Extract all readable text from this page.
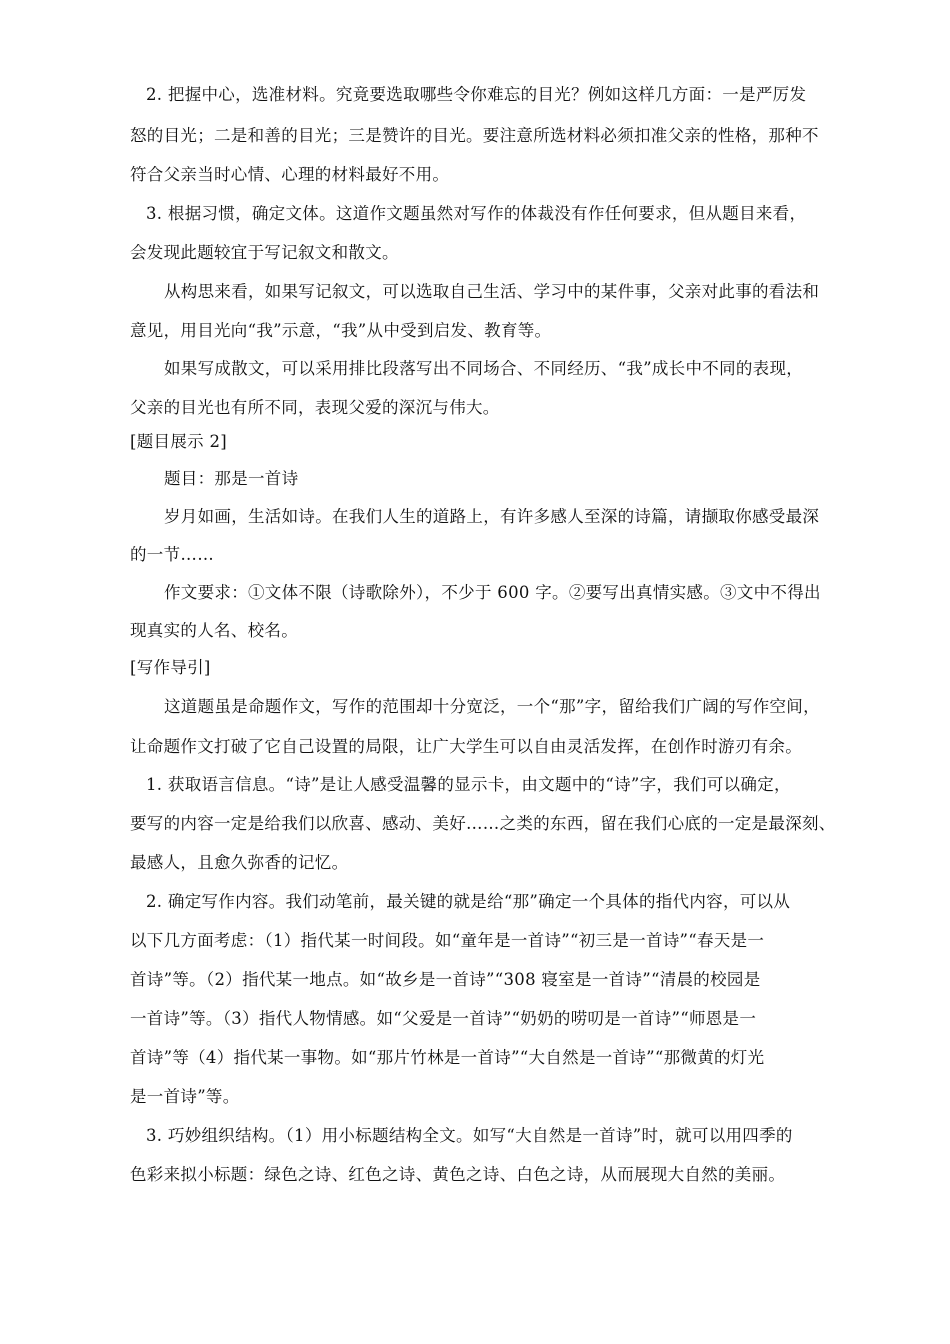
2. 把握中心，选准材料。究竟要选取哪些令你难忘的目光？例如这样几方面：一是严厉发
怒的目光；二是和善的目光；三是赞许的目光。要注意所选材料必须扣准父亲的性格，那种不
符合父亲当时心情、心理的材料最好不用。
3. 根据习惯，确定文体。这道作文题虽然对写作的体裁没有作任何要求，但从题目来看，
会发现此题较宜于写记叙文和散文。
从构思来看，如果写记叙文，可以选取自己生活、学习中的某件事，父亲对此事的看法和
意见，用目光向“我”示意，“我”从中受到启发、教育等。
如果写成散文，可以采用排比段落写出不同场合、不同经历、“我”成长中不同的表现，
父亲的目光也有所不同，表现父爱的深沉与伟大。
[题目展示 2]
题目：那是一首诗
岁月如画，生活如诗。在我们人生的道路上，有许多感人至深的诗篇，请撷取你感受最深
的一节……
作文要求：①文体不限（诗歌除外），不少于 600 字。②要写出真情实感。③文中不得出
现真实的人名、校名。
[写作导引]
这道题虽是命题作文，写作的范围却十分宽泛，一个“那”字，留给我们广阔的写作空间，
让命题作文打破了它自己设置的局限，让广大学生可以自由灵活发挥，在创作时游刃有余。
1. 获取语言信息。“诗”是让人感受温馨的显示卡，由文题中的“诗”字，我们可以确定，
要写的内容一定是给我们以欣喜、感动、美好……之类的东西，留在我们心底的一定是最深刻、
最感人，且愈久弥香的记忆。
2. 确定写作内容。我们动笔前，最关键的就是给“那”确定一个具体的指代内容，可以从
以下几方面考虑：（1）指代某一时间段。如“童年是一首诗”“初三是一首诗”“春天是一
首诗”等。（2）指代某一地点。如“故乡是一首诗”“308 寝室是一首诗”“清晨的校园是
一首诗”等。（3）指代人物情感。如“父爱是一首诗”“奶奶的唠叨是一首诗”“师恩是一
首诗”等（4）指代某一事物。如“那片竹林是一首诗”“大自然是一首诗”“那微黄的灯光
是一首诗”等。
3. 巧妙组织结构。（1）用小标题结构全文。如写“大自然是一首诗”时，就可以用四季的
色彩来拟小标题：绿色之诗、红色之诗、黄色之诗、白色之诗，从而展现大自然的美丽。
